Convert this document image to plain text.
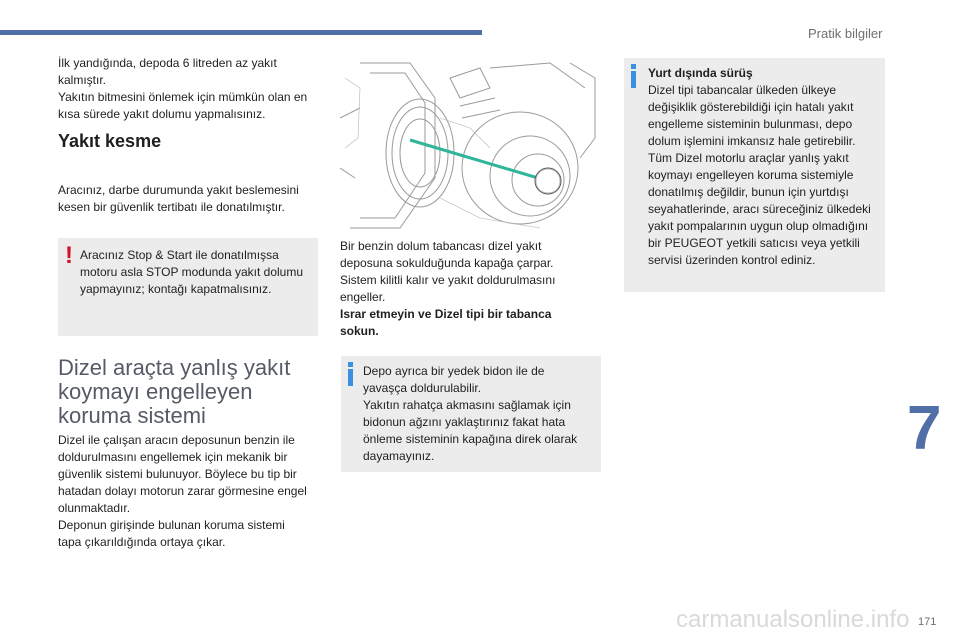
Pratik bilgiler

İlk yandığında, depoda 6 litreden az yakıt

kalmıştır.

Yakıtın bitmesini önlemek için mümkün olan en

kısa sürede yakıt dolumu yapmalısınız.

Yakıt kesme

Aracınız, darbe durumunda yakıt beslemesini

kesen bir güvenlik tertibatı ile donatılmıştır.

! Aracınız Stop & Start ile donatılmışsa

motoru asla STOP modunda yakıt dolumu

yapmayınız; kontağı kapatmalısınız.

Dizel araçta yanlış yakıt
koymayı engelleyen
koruma sistemi

Dizel ile çalışan aracın deposunun benzin ile

doldurulmasını engellemek için mekanik bir

güvenlik sistemi bulunuyor. Böylece bu tip bir

hatadan dolayı motorun zarar görmesine engel

olunmaktadır.

Deponun girişinde bulunan koruma sistemi

tapa çıkarıldığında ortaya çıkar.

Bir benzin dolum tabancası dizel yakıt

deposuna sokulduğunda kapağa çarpar.

Sistem kilitli kalır ve yakıt doldurulmasını

engeller.

Israr etmeyin ve Dizel tipi bir tabanca

sokun.

Depo ayrıca bir yedek bidon ile de

yavaşça doldurulabilir.

Yakıtın rahatça akmasını sağlamak için

bidonun ağzını yaklaştırınız fakat hata

önleme sisteminin kapağına direk olarak

dayamayınız.

Yurt dışında sürüş

Dizel tipi tabancalar ülkeden ülkeye

değişiklik gösterebildiği için hatalı yakıt

engelleme sisteminin bulunması, depo

dolum işlemini imkansız hale getirebilir.

Tüm Dizel motorlu araçlar yanlış yakıt

koymayı engelleyen koruma sistemiyle

donatılmış değildir, bunun için yurtdışı

seyahatlerinde, aracı süreceğiniz ülkedeki

yakıt pompalarının uygun olup olmadığını

bir PEUGEOT yetkili satıcısı veya yetkili

servisi üzerinden kontrol ediniz.

7
carmanualsonline.info 171
